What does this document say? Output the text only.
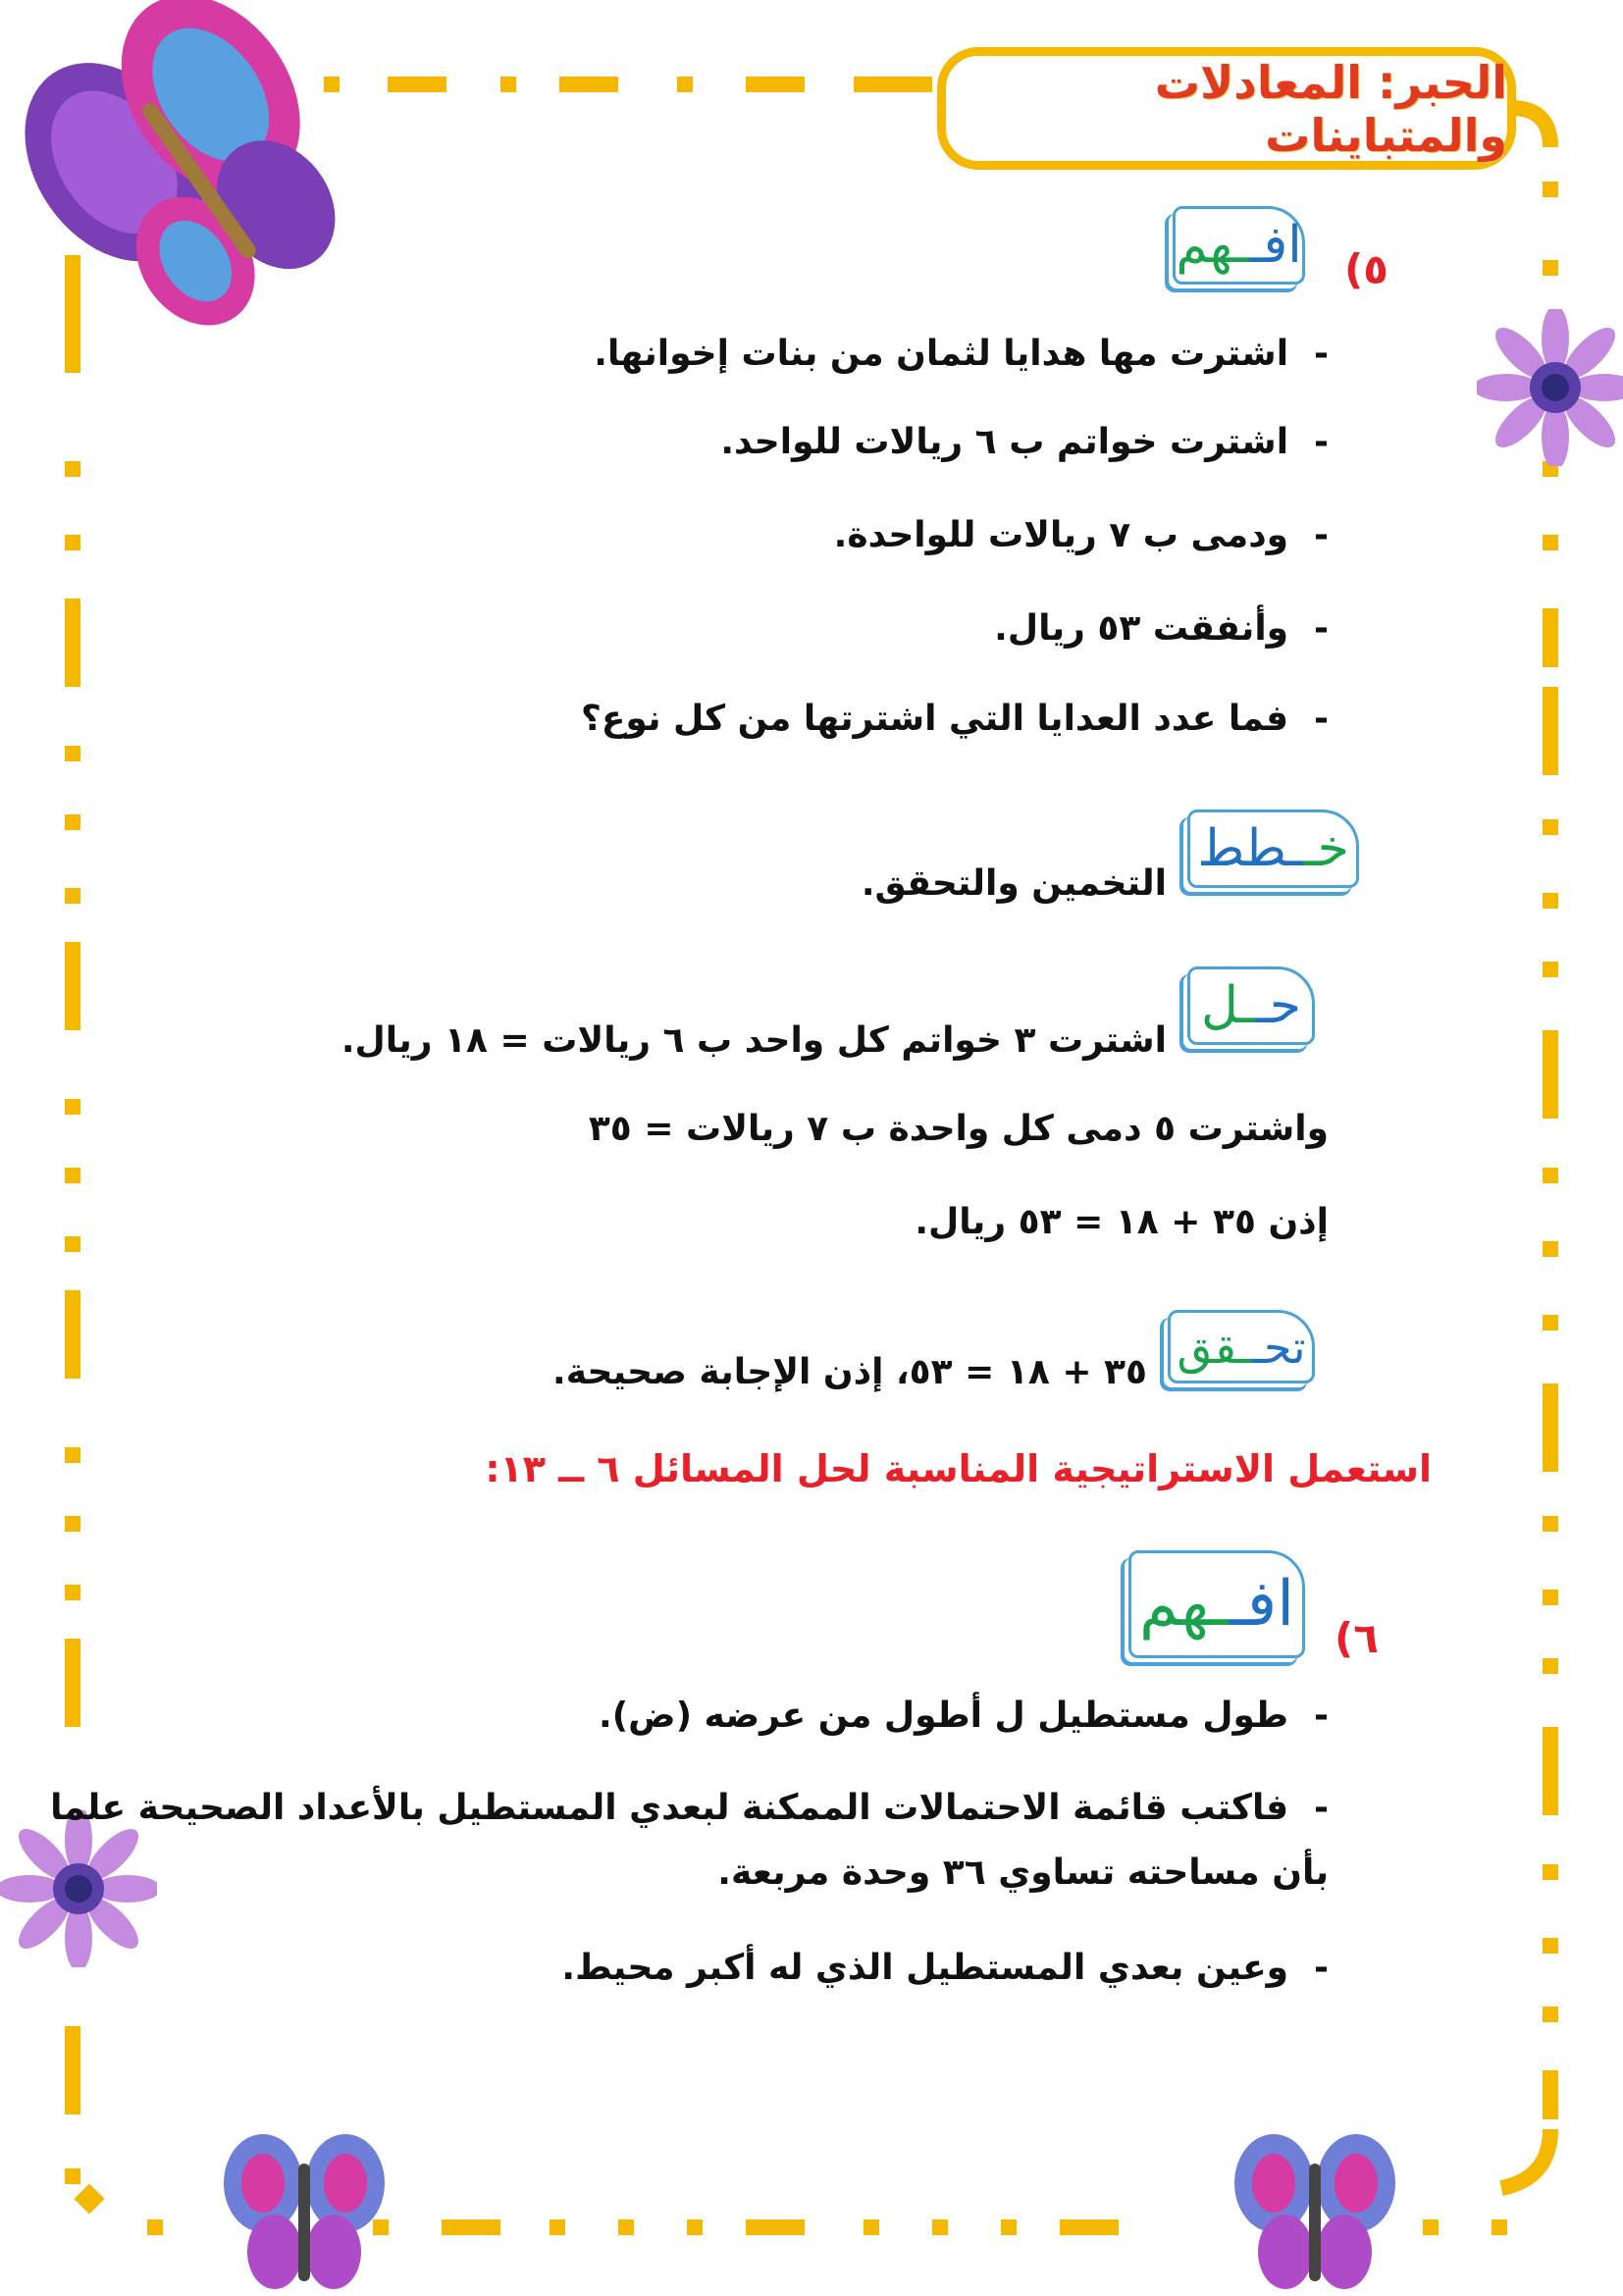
الحبر: المعادلات والمتباينات
افـ
ـهم ٥)
-اشترت مها هدايا لثمان من بنات إخوانها.
-اشترت خواتم ب ٦ ريالات للواحد.
-ودمى ب ٧ ريالات للواحدة.
-وأنفقت ٥٣ ريال.
-فما عدد العدايا التي اشترتها من كل نوع؟
خـ
ـطط
التخمين والتحقق.
حـ
ـل
اشترت ٣ خواتم كل واحد ب ٦ ريالات = ١٨ ريال.
واشترت ٥ دمى كل واحدة ب ٧ ريالات = ٣٥
إذن ٣٥ + ١٨ = ٥٣ ريال.
تحـ
ـقق
٣٥ + ١٨ = ٥٣، إذن الإجابة صحيحة.
استعمل الاستراتيجية المناسبة لحل المسائل ٦ ــ ١٣:
افـ
ـهم	٦)
-طول مستطيل ل أطول من عرضه (ض).
-فاكتب قائمة الاحتمالات الممكنة لبعدي المستطيل بالأعداد الصحيحة علما
بأن مساحته تساوي ٣٦ وحدة مربعة.
-وعين بعدي المستطيل الذي له أكبر محيط.
